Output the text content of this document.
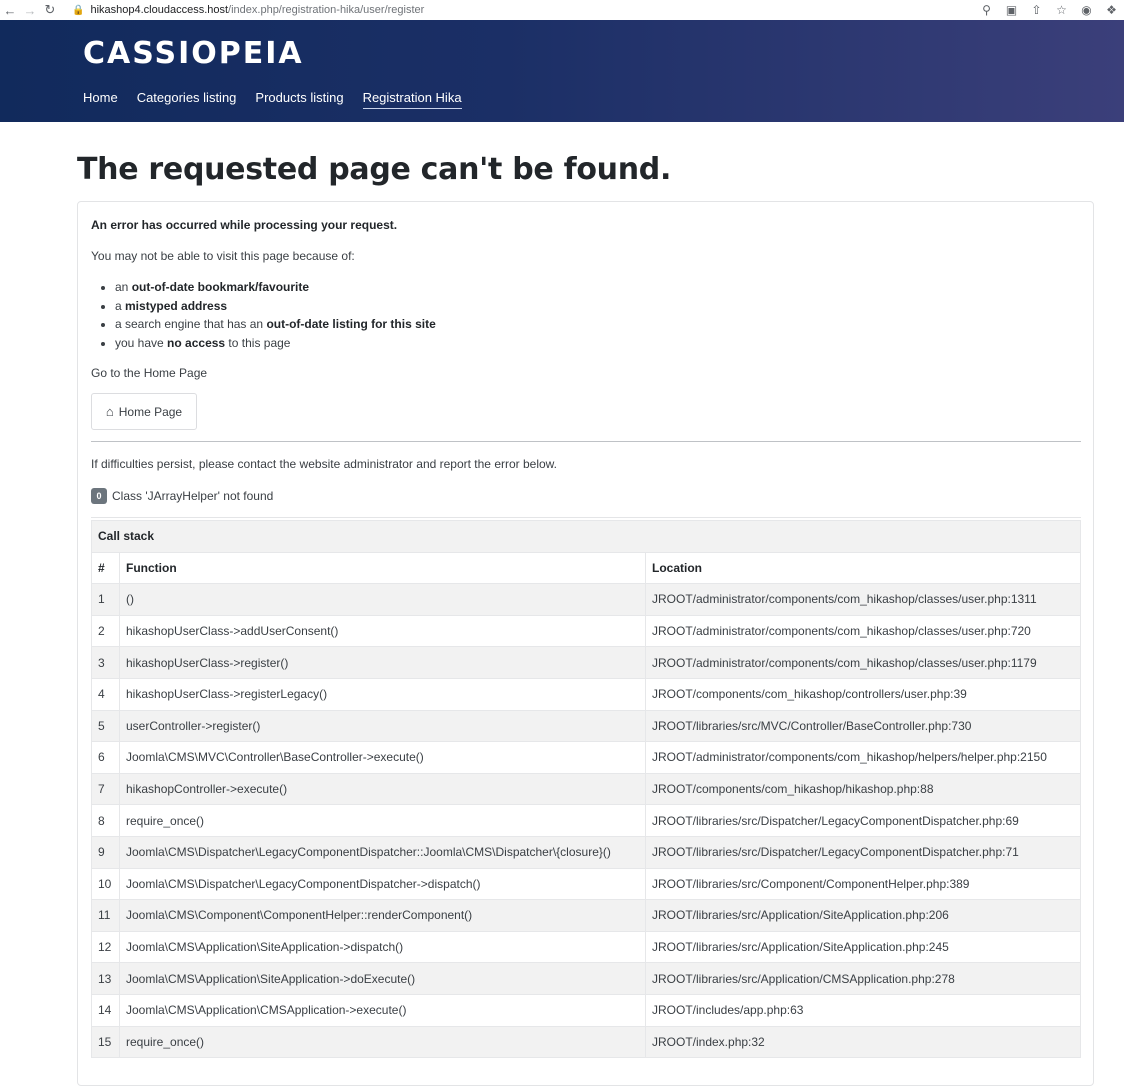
← → ↻	🔒 hikashop4.cloudaccess.host /index.php/registration-hika/user/register	⚲	▣	⇧	☆	◉	❖
CASSIOPEIA
Home Categories listing Products listing Registration Hika
The requested page can't be found.
An error has occurred while processing your request.
You may not be able to visit this page because of:
• an out-of-date bookmark/favourite
• a mistyped address
• a search engine that has an out-of-date listing for this site
• you have no access to this page
Go to the Home Page
⌂ Home Page
If difficulties persist, please contact the website administrator and report the error below.
0 Class 'JArrayHelper' not found
Call stack		
#	Function	Location
1	()	JROOT/administrator/components/com_hikashop/classes/user.php:1311
2	hikashopUserClass->addUserConsent()	JROOT/administrator/components/com_hikashop/classes/user.php:720
3	hikashopUserClass->register()	JROOT/administrator/components/com_hikashop/classes/user.php:1179
4	hikashopUserClass->registerLegacy()	JROOT/components/com_hikashop/controllers/user.php:39
5	userController->register()	JROOT/libraries/src/MVC/Controller/BaseController.php:730
6	Joomla\CMS\MVC\Controller\BaseController->execute()	JROOT/administrator/components/com_hikashop/helpers/helper.php:2150
7	hikashopController->execute()	JROOT/components/com_hikashop/hikashop.php:88
8	require_once()	JROOT/libraries/src/Dispatcher/LegacyComponentDispatcher.php:69
9	Joomla\CMS\Dispatcher\LegacyComponentDispatcher::Joomla\CMS\Dispatcher\{closure}()	JROOT/libraries/src/Dispatcher/LegacyComponentDispatcher.php:71
10	Joomla\CMS\Dispatcher\LegacyComponentDispatcher->dispatch()	JROOT/libraries/src/Component/ComponentHelper.php:389
11	Joomla\CMS\Component\ComponentHelper::renderComponent()	JROOT/libraries/src/Application/SiteApplication.php:206
12	Joomla\CMS\Application\SiteApplication->dispatch()	JROOT/libraries/src/Application/SiteApplication.php:245
13	Joomla\CMS\Application\SiteApplication->doExecute()	JROOT/libraries/src/Application/CMSApplication.php:278
14	Joomla\CMS\Application\CMSApplication->execute()	JROOT/includes/app.php:63
15	require_once()	JROOT/index.php:32
